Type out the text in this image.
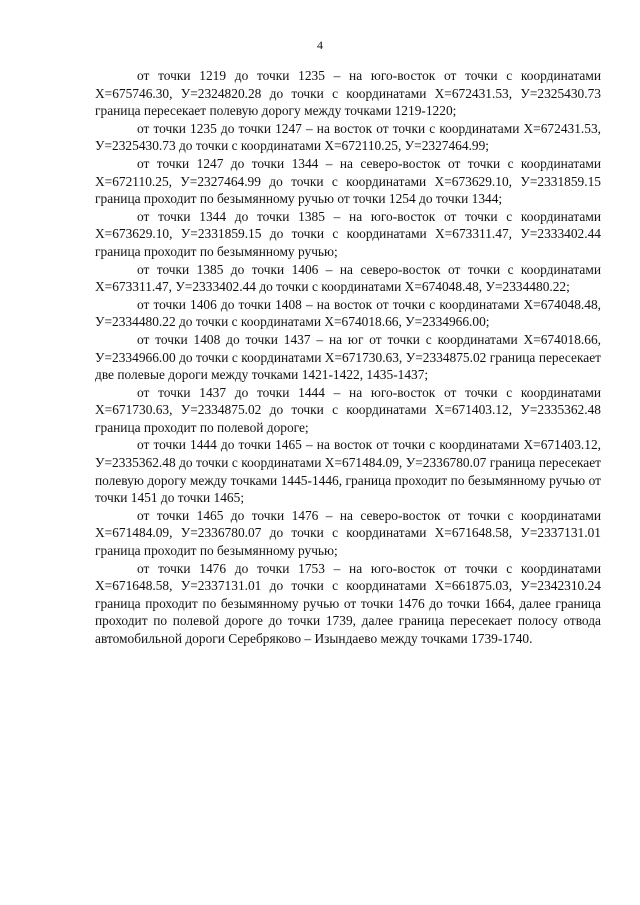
4

от точки 1219 до точки 1235 – на юго-восток от точки с координатами Х=675746.30, У=2324820.28 до точки с координатами Х=672431.53, У=2325430.73 граница пересекает полевую дорогу между точками 1219-1220;

от точки 1235 до точки 1247 – на восток от точки с координатами Х=672431.53, У=2325430.73 до точки с координатами Х=672110.25, У=2327464.99;

от точки 1247 до точки 1344 – на северо-восток от точки с координатами Х=672110.25, У=2327464.99 до точки с координатами Х=673629.10, У=2331859.15 граница проходит по безымянному ручью от точки 1254 до точки 1344;

от точки 1344 до точки 1385 – на юго-восток от точки с координатами Х=673629.10, У=2331859.15 до точки с координатами Х=673311.47, У=2333402.44 граница проходит по безымянному ручью;

от точки 1385 до точки 1406 – на северо-восток от точки с координатами Х=673311.47, У=2333402.44 до точки с координатами Х=674048.48, У=2334480.22;

от точки 1406 до точки 1408 – на восток от точки с координатами Х=674048.48, У=2334480.22 до точки с координатами Х=674018.66, У=2334966.00;

от точки 1408 до точки 1437 – на юг от точки с координатами Х=674018.66, У=2334966.00 до точки с координатами Х=671730.63, У=2334875.02 граница пересекает две полевые дороги между точками 1421-1422, 1435-1437;

от точки 1437 до точки 1444 – на юго-восток от точки с координатами Х=671730.63, У=2334875.02 до точки с координатами Х=671403.12, У=2335362.48 граница проходит по полевой дороге;

от точки 1444 до точки 1465 – на восток от точки с координатами Х=671403.12, У=2335362.48 до точки с координатами Х=671484.09, У=2336780.07 граница пересекает полевую дорогу между точками 1445-1446, граница проходит по безымянному ручью от точки 1451 до точки 1465;

от точки 1465 до точки 1476 – на северо-восток от точки с координатами Х=671484.09, У=2336780.07 до точки с координатами Х=671648.58, У=2337131.01 граница проходит по безымянному ручью;

от точки 1476 до точки 1753 – на юго-восток от точки с координатами Х=671648.58, У=2337131.01 до точки с координатами Х=661875.03, У=2342310.24 граница проходит по безымянному ручью от точки 1476 до точки 1664, далее граница проходит по полевой дороге до точки 1739, далее граница пересекает полосу отвода автомобильной дороги Серебряково – Изындаево между точками 1739-1740.
